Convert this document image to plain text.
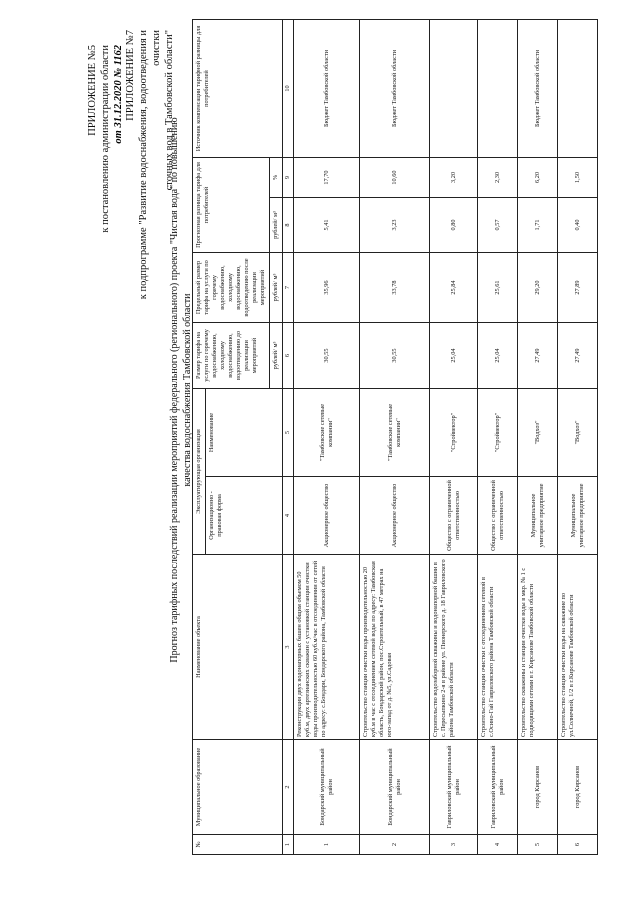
ПРИЛОЖЕНИЕ №5 к постановлению администрации области от 31.12.2020 № 1162 ПРИЛОЖЕНИЕ №7 к подпрограмме "Развитие водоснабжения, водоотведения и очистки сточных вод в Тамбовской области"
Прогноз тарифных последствий реализации мероприятий федерального (регионального) проекта "Чистая вода" по повышению качества водоснабжения Тамбовской области
№	Муниципальное образование	Наименование объекта	Эксплуатирующая организация		Размер тарифа на услуги по горячему водоснабжению, холодному водоснабжению, водоотведению до реализации мероприятий	Предельный размер тарифа на услуги по горячему водоснабжению, холодному водоснабжению, водоотведению после реализации мероприятий	Прогнозная разница тарифа для потребителей		Источник компенсации тарифной разницы для потребителей
			Организационно - правовая форма	Наименование					
					рублей/ м³	рублей/ м³	рублей/ м³	%	
1	2	3	4	5	6	7	8	9	10
1	Бондарский муниципальный район	Реконструкция двух водонапорных башен общим объемом 50 куб.м, двух артезианских скважин с установкой станции очистки воды производительностью 60 куб.м/час в отсоединении от сетей по адресу: с.Бондари, Бондарского района, Тамбовской области	Акционерное общество	"Тамбовские сетевые компании"	30,55	35,96	5,41	17,70	Бюджет Тамбовской области
2	Бондарский муниципальный район	Строительство станции очистки воды производительностью 20 куб.м в час с отсоединением сетевой воды по адресу: Тамбовская область, Бондарский район, пос.Строительный, в 47 метрах на юго-запад от д. №5, ул.Садовая	Акционерное общество	"Тамбовские сетевые компании"	30,55	33,78	3,23	10,60	Бюджет Тамбовской области
3	Гавриловский муниципальный район	Строительство водозаборной скважины и водонапорной башни в с. Пересыпкино 2-я в районе ул. Пионерского д. 18 Гавриловского района Тамбовской области	Общество с ограниченной ответственностью	"Стройвектор"	25,04	25,84	0,80	3,20	
4	Гавриловский муниципальный район	Строительство станции очистки с отсоединением сетевой в с.Осино-Гай Гавриловского района Тамбовской области	Общество с ограниченной ответственностью	"Стройвектор"	25,04	25,61	0,57	2,30	
5	город Кирсанов	Строительство скважины и станции очистки воды в мкр. № 1 с подводящими сетями в г. Кирсанове Тамбовской области	Муниципальное унитарное предприятие	"Водхоз"	27,49	29,20	1,71	6,20	Бюджет Тамбовской области
6	город Кирсанов	Строительство станции очистки воды на скважине по ул.Солнечной, 1/2 в г.Кирсанове Тамбовской области	Муниципальное унитарное предприятие	"Водхоз"	27,49	27,89	0,40	1,50	
